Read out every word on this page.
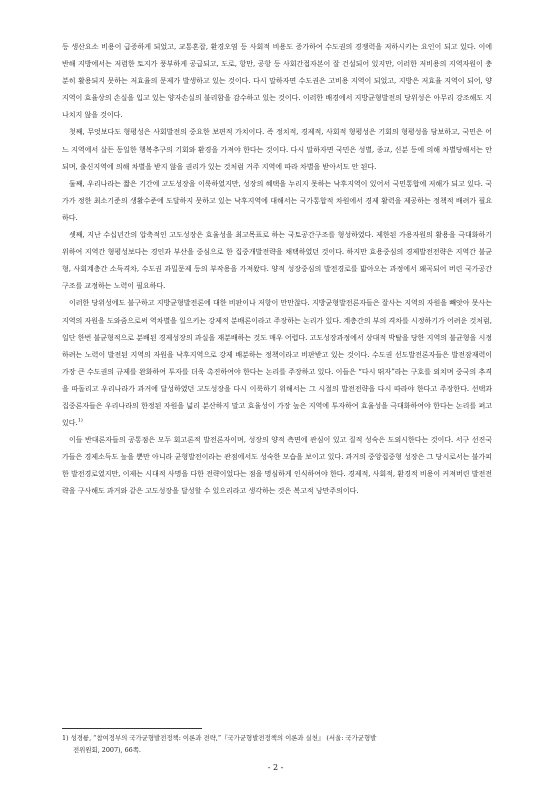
등 생산요소 비용이 급증하게 되었고, 교통혼잡, 환경오염 등 사회적 비용도 증가하여 수도권의 경쟁력을 저하시키는 요인이 되고 있다. 이에 반해 지방에서는 저렴한 토지가 풍부하게 공급되고, 도로, 항만, 공항 등 사회간접자본이 잘 건설되어 있지만, 이러한 저비용의 지역자원이 충분히 활용되지 못하는 저효율의 문제가 발생하고 있는 것이다. 다시 말하자면 수도권은 고비용 지역이 되었고, 지방은 저효율 지역이 되어, 양 지역이 효율상의 손실을 입고 있는 양자손실의 불리함을 감수하고 있는 것이다. 이러한 배경에서 지방균형발전의 당위성은 아무리 강조해도 지나치지 않을 것이다.

첫째, 무엇보다도 형평성은 사회발전의 중요한 보편적 가치이다. 즉 정치적, 경제적, 사회적 형평성은 기회의 형평성을 담보하고, 국민은 어느 지역에서 살든 동일한 행복추구의 기회와 환경을 가져야 한다는 것이다. 다시 말하자면 국민은 성별, 종교, 신분 등에 의해 차별당해서는 안되며, 출신지역에 의해 차별을 받지 않을 권리가 있는 것처럼 거주 지역에 따라 차별을 받아서도 안 된다.

둘째, 우리나라는 짧은 기간에 고도성장을 이룩하였지만, 성장의 혜택을 누리지 못하는 낙후지역이 있어서 국민통합에 저해가 되고 있다. 국가가 정한 최소기준의 생활수준에 도달하지 못하고 있는 낙후지역에 대해서는 국가통합적 차원에서 경제 활력을 제공하는 정책적 배려가 필요하다.

셋째, 지난 수십년간의 압축적인 고도성장은 효율성을 최고목표로 하는 국토공간구조를 형성하였다. 제한된 가용자원의 활용을 극대화하기 위하여 지역간 형평성보다는 경인과 부산을 중심으로 한 집중개발전략을 채택하였던 것이다. 하지만 효용중심의 경제발전전략은 지역간 불균형, 사회계층간 소득격차, 수도권 과밀문제 등의 부작용을 가져왔다. 양적 성장중심의 발전경로를 밟아오는 과정에서 왜곡되어 버린 국가공간구조를 교정하는 노력이 필요하다.

이러한 당위성에도 불구하고 지방균형발전론에 대한 비판이나 저항이 만만찮다. 지방균형발전론자들은 잘사는 지역의 자원을 빼앗아 못사는 지역의 자원을 도와줌으로써 역차별을 일으키는 강제적 분배론이라고 주장하는 논리가 있다. 계층간의 부의 격차를 시정하기가 어려운 것처럼, 일단 한번 불균형적으로 분배된 경제성장의 과실을 재분배하는 것도 매우 어렵다. 고도성장과정에서 상대적 박탈을 당한 지역의 불균형을 시정하려는 노력이 발전된 지역의 자원을 낙후지역으로 강제 배분하는 정책이라고 비판받고 있는 것이다. 수도권 선도발전론자들은 발전잠재력이 가장 큰 수도권의 규제를 완화하여 투자를 더욱 촉진하여야 한다는 논리를 주장하고 있다. 이들은 “다시 뛰자”라는 구호를 외치며 중국의 추격을 따돌리고 우리나라가 과거에 달성하였던 고도성장을 다시 이룩하기 위해서는 그 시절의 발전전략을 다시 따라야 한다고 주장한다. 선택과 집중론자들은 우리나라의 한정된 자원을 넓리 분산하지 말고 효율성이 가장 높은 지역에 투자하여 효율성을 극대화하여야 한다는 논리를 펴고 있다.$^{1)}$

이들 반대론자들의 공통점은 모두 회고론적 발전론자이며, 성장의 양적 측면에 관심이 있고 질적 성숙은 도외시한다는 것이다. 서구 선진국가들은 경제소득도 높을 뿐만 아니라 균형발전이라는 관점에서도 성숙한 모습을 보이고 있다. 과거의 중앙집중형 성장은 그 당시로서는 불가피한 발전경로였지만, 이제는 시대적 사명을 다한 전략이었다는 점을 명심하게 인식하여야 한다. 경제적, 사회적, 환경적 비용이 커져버린 발전전략을 구사해도 과거와 같은 고도성장을 달성할 수 있으리라고 생각하는 것은 복고적 낭만주의이다.

1) 성경륭, “참여정부의 국가균형발전정책: 이론과 전략,”『국가균형발전정책의 이론과 실천』 (서울: 국가균형발
전위원회, 2007), 66쪽.
- 2 -
